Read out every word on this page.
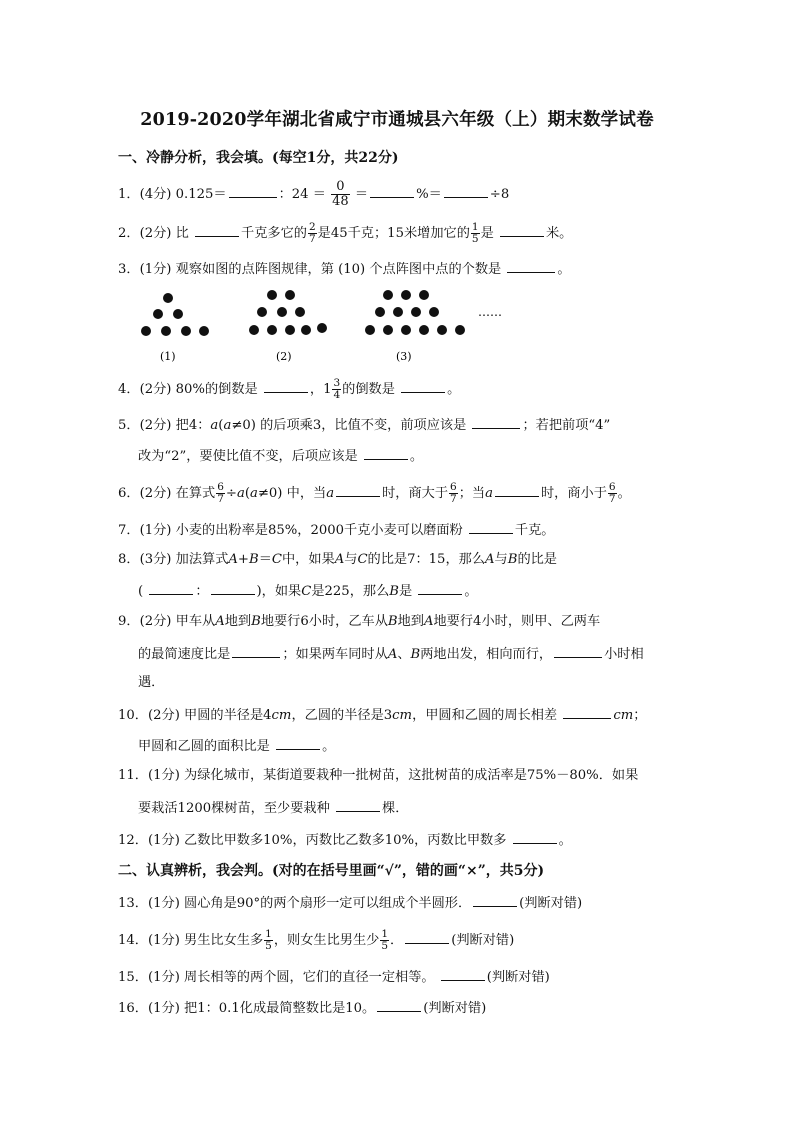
2019-2020学年湖北省咸宁市通城县六年级（上）期末数学试卷
一、冷静分析，我会填。(每空1分，共22分)
1．(4分) 0.125＝	：$24 = \frac{0}{48}$ ＝	%＝	÷8
2．(2分) 比	千克多它的 $\frac{2}{7}$ 是45千克；15米增加它的 $\frac{1}{5}$ 是	米。
3．(1分) 观察如图的点阵图规律，第 (10) 个点阵图中点的个数是	。
(1)	(2)	(3)
……
4．(2分) 80%的倒数是	，$1 \frac{3}{4}$ 的倒数是	。
5．(2分) 把4：a(a≠0) 的后项乘3，比值不变，前项应该是	；若把前项“4”
改为“2”，要使比值不变，后项应该是	。
6．(2分) 在算式 $\frac{6}{7} \div a(a\ne 0)$ 中，当a	时，商大于 $\frac{6}{7}$ ；当a	时，商小于 $\frac{6}{7}$ 。
7．(1分) 小麦的出粉率是85%，2000千克小麦可以磨面粉	千克。
8．(3分) 加法算式A+B＝C中，如果A与C的比是7：15，那么A与B的比是
(	：	)，如果C是225，那么B是	。
9．(2分) 甲车从A地到B地要行6小时，乙车从B地到A地要行4小时，则甲、乙两车
的最简速度比是	；如果两车同时从A、B两地出发，相向而行，	小时相
遇．
10．(2分) 甲圆的半径是4cm，乙圆的半径是3cm，甲圆和乙圆的周长相差	cm；
甲圆和乙圆的面积比是	。
11．(1分) 为绿化城市，某街道要栽种一批树苗，这批树苗的成活率是75%－80%．如果
要栽活1200棵树苗，至少要栽种	棵．
12．(1分) 乙数比甲数多10%，丙数比乙数多10%，丙数比甲数多	。
二、认真辨析，我会判。(对的在括号里画“√”，错的画“×”，共5分)
13．(1分) 圆心角是90°的两个扇形一定可以组成个半圆形．	(判断对错)
14．(1分) 男生比女生多 $\frac{1}{5}$ ，则女生比男生少 $\frac{1}{5}$ ．	(判断对错)
15．(1分) 周长相等的两个圆，它们的直径一定相等。	(判断对错)
16．(1分) 把1：0.1化成最简整数比是10。	(判断对错)
